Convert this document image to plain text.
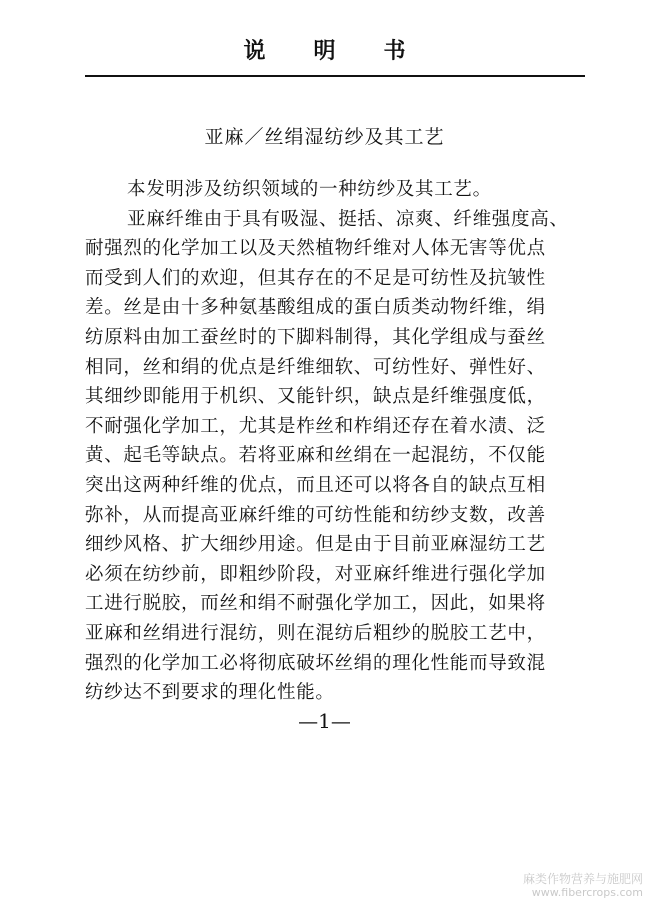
说明书
亚麻／丝绢湿纺纱及其工艺
本发明涉及纺织领域的一种纺纱及其工艺。
亚麻纤维由于具有吸湿、挺括、凉爽、纤维强度高、
耐强烈的化学加工以及天然植物纤维对人体无害等优点
而受到人们的欢迎，但其存在的不足是可纺性及抗皱性
差。丝是由十多种氨基酸组成的蛋白质类动物纤维，绢
纺原料由加工蚕丝时的下脚料制得，其化学组成与蚕丝
相同，丝和绢的优点是纤维细软、可纺性好、弹性好、
其细纱即能用于机织、又能针织，缺点是纤维强度低，
不耐强化学加工，尤其是柞丝和柞绢还存在着水渍、泛
黄、起毛等缺点。若将亚麻和丝绢在一起混纺，不仅能
突出这两种纤维的优点，而且还可以将各自的缺点互相
弥补，从而提高亚麻纤维的可纺性能和纺纱支数，改善
细纱风格、扩大细纱用途。但是由于目前亚麻湿纺工艺
必须在纺纱前，即粗纱阶段，对亚麻纤维进行强化学加
工进行脱胶，而丝和绢不耐强化学加工，因此，如果将
亚麻和丝绢进行混纺，则在混纺后粗纱的脱胶工艺中，
强烈的化学加工必将彻底破坏丝绢的理化性能而导致混
纺纱达不到要求的理化性能。
—1—
麻类作物营养与施肥网
www.fibercrops.com
